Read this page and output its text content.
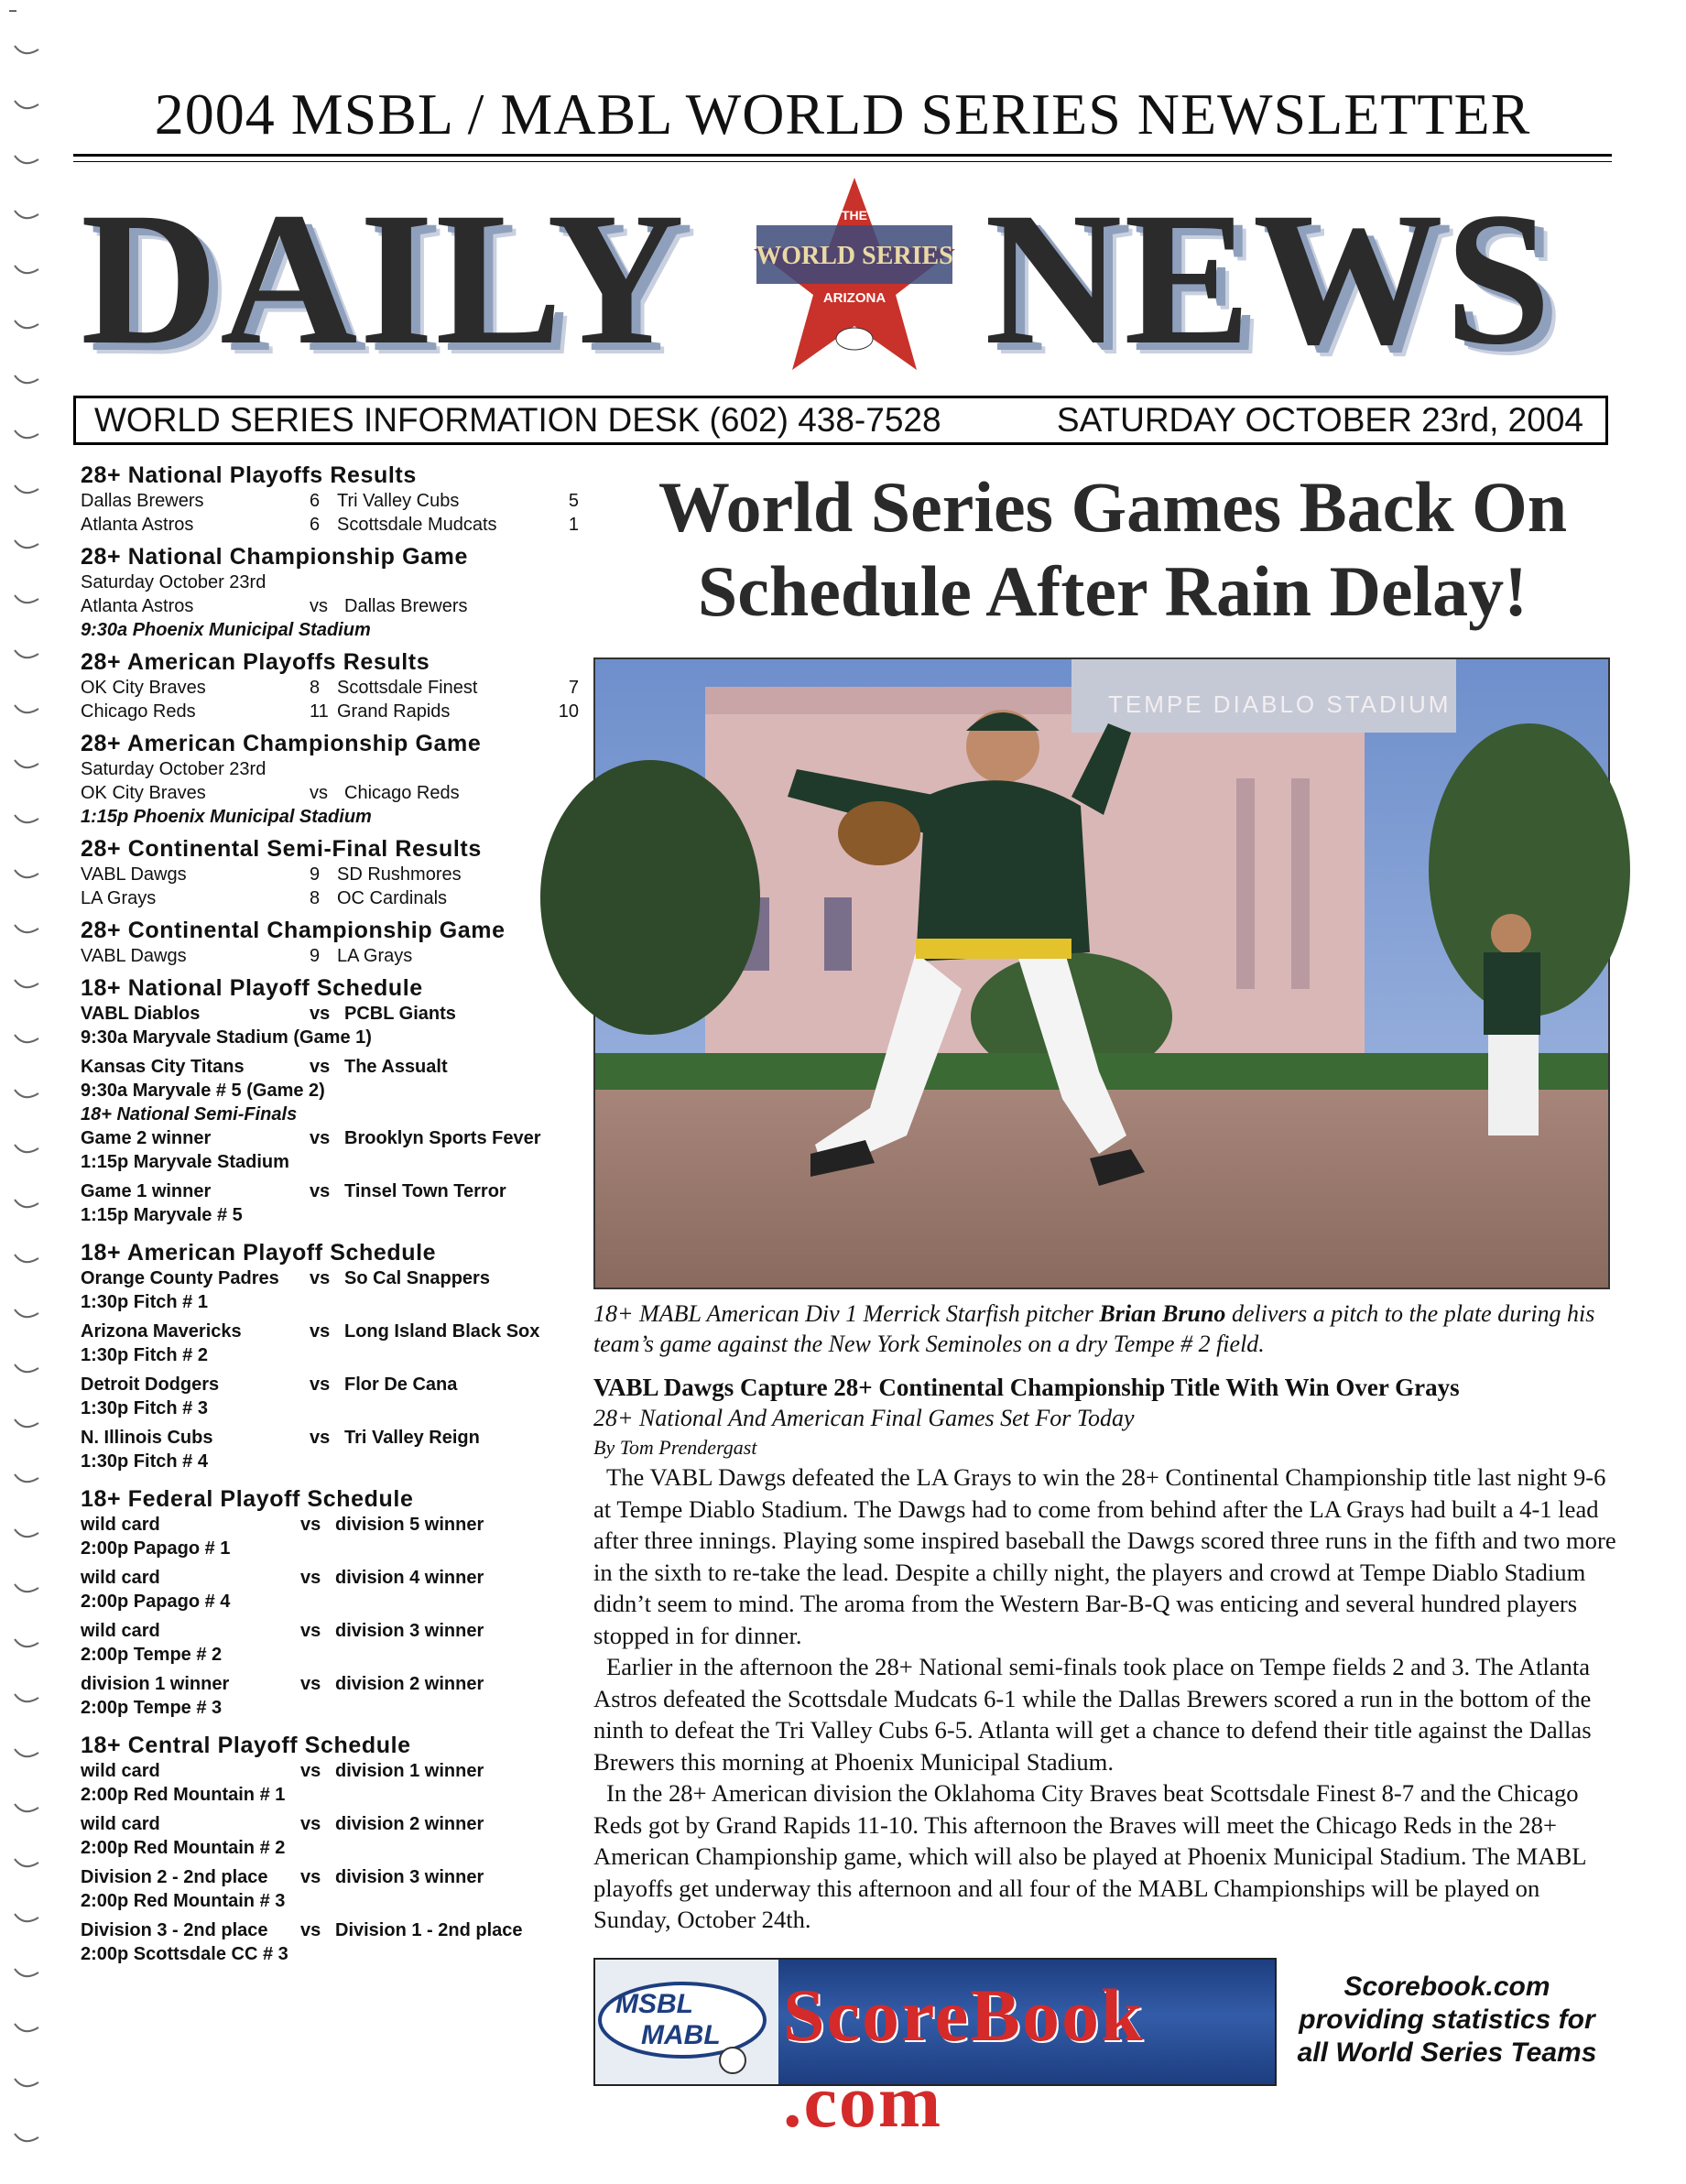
2004 MSBL / MABL WORLD SERIES NEWSLETTER
DAILY NEWS
THE
WORLD SERIES
ARIZONA
WORLD SERIES INFORMATION DESK (602) 438-7528	SATURDAY OCTOBER 23rd, 2004
28+ National Playoffs Results
Dallas Brewers	6 Tri Valley Cubs	5
Atlanta Astros	6 Scottsdale Mudcats	1
28+ National Championship Game
Saturday October 23rd
Atlanta Astros	vs Dallas Brewers
9:30a Phoenix Municipal Stadium
28+ American Playoffs Results
OK City Braves	8 Scottsdale Finest	7
Chicago Reds	11 Grand Rapids	10
28+ American Championship Game
Saturday October 23rd
OK City Braves	vs Chicago Reds
1:15p Phoenix Municipal Stadium
28+ Continental Semi-Final Results
VABL Dawgs	9 SD Rushmores
LA Grays	8 OC Cardinals
28+ Continental Championship Game
VABL Dawgs	9 LA Grays
18+ National Playoff Schedule
VABL Diablos	vs PCBL Giants
9:30a Maryvale Stadium (Game 1)
Kansas City Titans	vs The Assualt
9:30a Maryvale # 5 (Game 2)
18+ National Semi-Finals
Game 2 winner	vs Brooklyn Sports Fever
1:15p Maryvale Stadium
Game 1 winner	vs Tinsel Town Terror
1:15p Maryvale # 5
18+ American Playoff Schedule
Orange County Padres	vs So Cal Snappers
1:30p Fitch # 1
Arizona Mavericks	vs Long Island Black Sox
1:30p Fitch # 2
Detroit Dodgers	vs Flor De Cana
1:30p Fitch # 3
N. Illinois Cubs	vs Tri Valley Reign
1:30p Fitch # 4
18+ Federal Playoff Schedule
wild card	vs division 5 winner
2:00p Papago # 1
wild card	vs division 4 winner
2:00p Papago # 4
wild card	vs division 3 winner
2:00p Tempe # 2
division 1 winner	vs division 2 winner
2:00p Tempe # 3
18+ Central Playoff Schedule
wild card	vs division 1 winner
2:00p Red Mountain # 1
wild card	vs division 2 winner
2:00p Red Mountain # 2
Division 2 - 2nd place	vs division 3 winner
2:00p Red Mountain # 3
Division 3 - 2nd place	vs Division 1 - 2nd place
2:00p Scottsdale CC # 3
World Series Games Back On
Schedule After Rain Delay!
TEMPE DIABLO STADIUM
18+ MABL American Div 1 Merrick Starfish pitcher Brian Bruno delivers a pitch to the plate during his team’s game against the New York Seminoles on a dry Tempe # 2 field.
VABL Dawgs Capture 28+ Continental Championship Title With Win Over Grays
28+ National And American Final Games Set For Today
By Tom Prendergast

The VABL Dawgs defeated the LA Grays to win the 28+ Continental Championship title last night 9-6 at Tempe Diablo Stadium. The Dawgs had to come from behind after the LA Grays had built a 4-1 lead after three innings. Playing some inspired baseball the Dawgs scored three runs in the fifth and two more in the sixth to re-take the lead. Despite a chilly night, the players and crowd at Tempe Diablo Stadium didn’t seem to mind. The aroma from the Western Bar-B-Q was enticing and several hundred players stopped in for dinner.

Earlier in the afternoon the 28+ National semi-finals took place on Tempe fields 2 and 3. The Atlanta Astros defeated the Scottsdale Mudcats 6-1 while the Dallas Brewers scored a run in the bottom of the ninth to defeat the Tri Valley Cubs 6-5. Atlanta will get a chance to defend their title against the Dallas Brewers this morning at Phoenix Municipal Stadium.

In the 28+ American division the Oklahoma City Braves beat Scottsdale Finest 8-7 and the Chicago Reds got by Grand Rapids 11-10. This afternoon the Braves will meet the Chicago Reds in the 28+ American Championship game, which will also be played at Phoenix Municipal Stadium. The MABL playoffs get underway this afternoon and all four of the MABL Championships will be played on Sunday, October 24th.

MSBL
MABL ScoreBook .com
Scorebook.com
providing statistics for
all World Series Teams
